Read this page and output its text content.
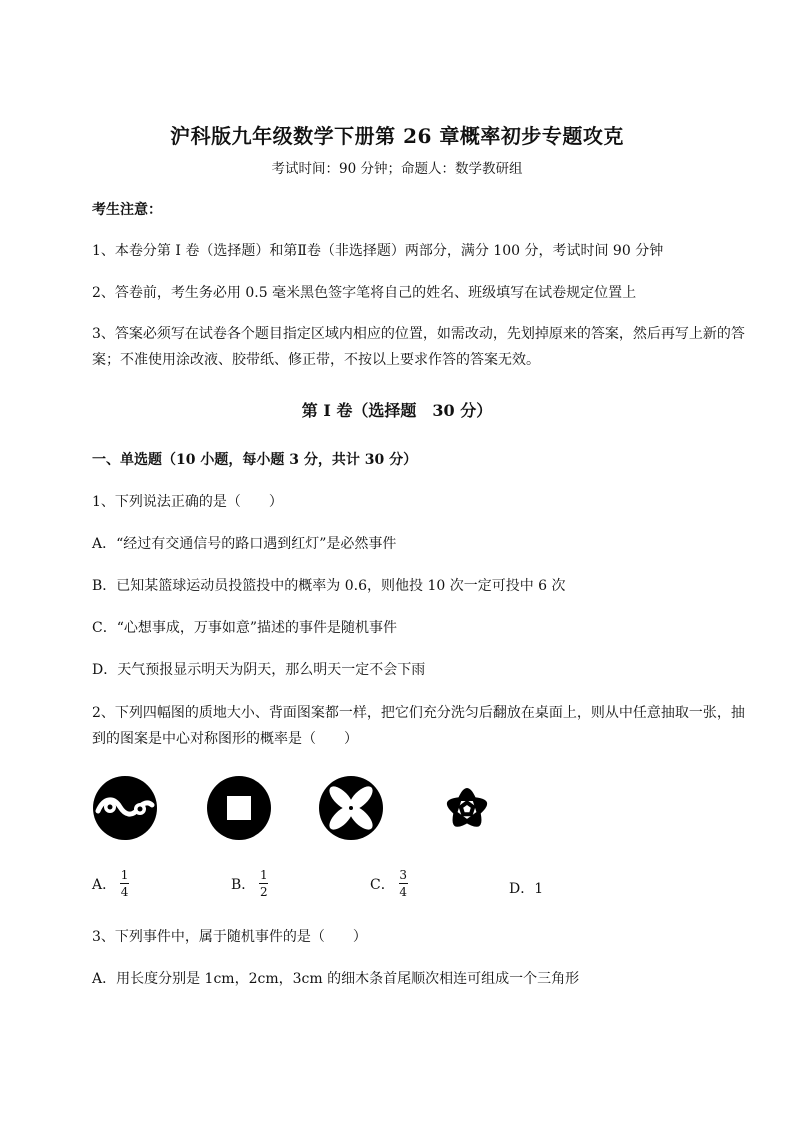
沪科版九年级数学下册第 26 章概率初步专题攻克
考试时间：90 分钟；命题人：数学教研组
考生注意：
1、本卷分第 I 卷（选择题）和第Ⅱ卷（非选择题）两部分，满分 100 分，考试时间 90 分钟
2、答卷前，考生务必用 0.5 毫米黑色签字笔将自己的姓名、班级填写在试卷规定位置上
3、答案必须写在试卷各个题目指定区域内相应的位置，如需改动，先划掉原来的答案，然后再写上新的答案；不准使用涂改液、胶带纸、修正带，不按以上要求作答的答案无效。
第 I 卷（选择题　30 分）
一、单选题（10 小题，每小题 3 分，共计 30 分）
1、下列说法正确的是（　　）
A．“经过有交通信号的路口遇到红灯”是必然事件
B．已知某篮球运动员投篮投中的概率为 0.6，则他投 10 次一定可投中 6 次
C．“心想事成，万事如意”描述的事件是随机事件
D．天气预报显示明天为阴天，那么明天一定不会下雨
2、下列四幅图的质地大小、背面图案都一样，把它们充分洗匀后翻放在桌面上，则从中任意抽取一张，抽到的图案是中心对称图形的概率是（　　）
A． $\frac{1}{4}$	B． $\frac{1}{2}$	C． $\frac{3}{4}$	D．1
3、下列事件中，属于随机事件的是（　　）
A．用长度分别是 1cm，2cm，3cm 的细木条首尾顺次相连可组成一个三角形
